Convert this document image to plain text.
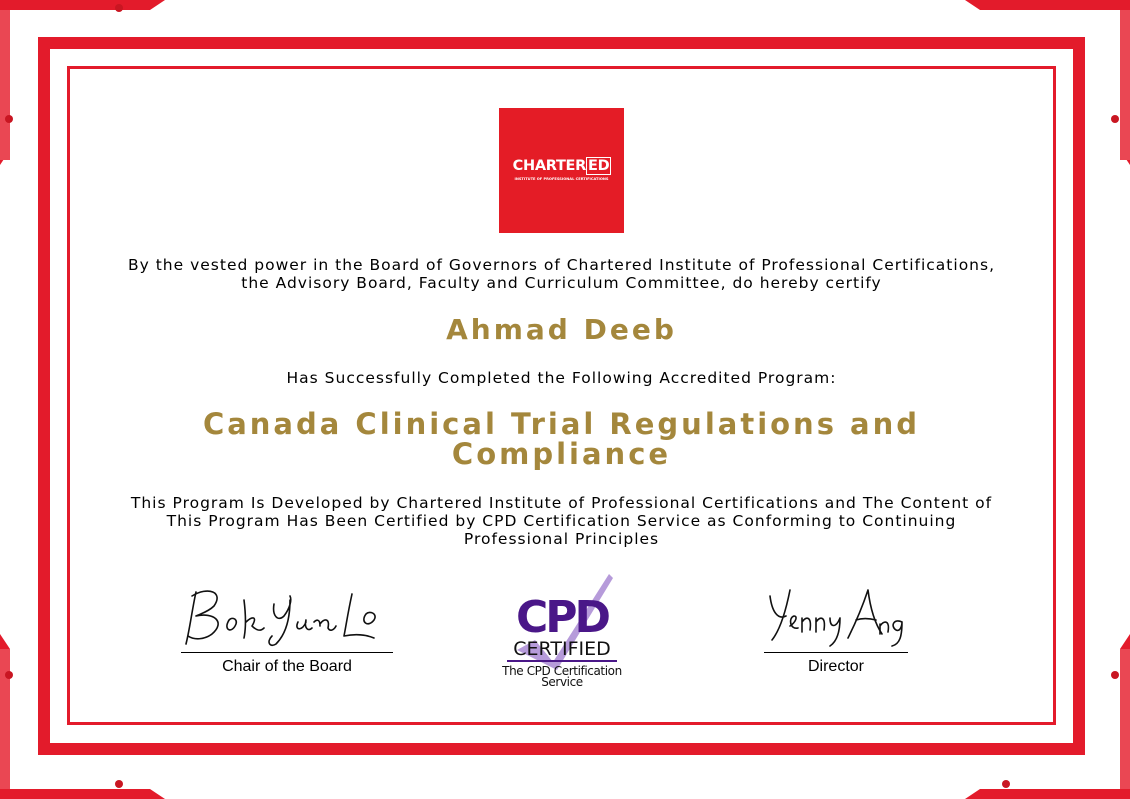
CHARTER ED
INSTITUTE OF PROFESSIONAL CERTIFICATIONS
By the vested power in the Board of Governors of Chartered Institute of Professional Certifications, the Advisory Board, Faculty and Curriculum Committee, do hereby certify
Ahmad Deeb
Has Successfully Completed the Following Accredited Program:
Canada Clinical Trial Regulations and Compliance
This Program Is Developed by Chartered Institute of Professional Certifications and The Content of This Program Has Been Certified by CPD Certification Service as Conforming to Continuing Professional Principles
Chair of the Board
CPD
CERTIFIED
The CPD Certification
Service
Director
